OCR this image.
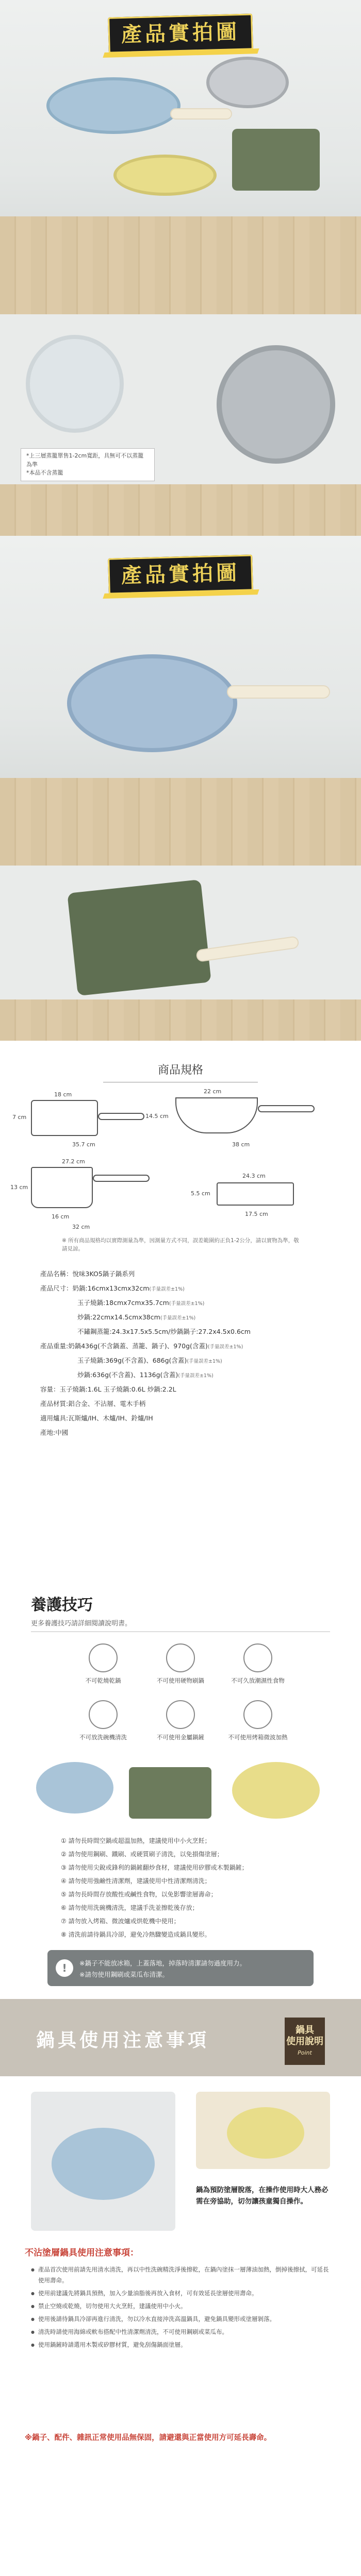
產品實拍圖
*上三層蒸籠單售1-2cm寬距，具無可不以蒸籠為準
*本品不含蒸籠
產品實拍圖
商品規格
18 cm
7 cm
35.7 cm
22 cm
14.5 cm
38 cm
27.2 cm
13 cm
16 cm
32 cm
24.3 cm
5.5 cm
17.5 cm
※ 所有商品規格均以實際測量為準，因測量方式不同，誤差範圍約正負1-2公分，請以實物為準，敬請見諒。
產品名稱：悅味3KO5鍋子鍋系列
產品尺寸：奶鍋:16cmx13cmx32cm(手量誤差±1%)
玉子燒鍋:18cmx7cmx35.7cm(手量誤差±1%)
炒鍋:22cmx14.5cmx38cm(手量誤差±1%)
不鏽鋼蒸籠:24.3x17.5x5.5cm/炒鍋鍋子:27.2x4.5x0.6cm
產品重量:奶鍋436g(不含鍋蓋、蒸籠、鍋子)、970g(含蓋)(手量誤差±1%)
玉子燒鍋:369g(不含蓋)、686g(含蓋)(手量誤差±1%)
炒鍋:636g(不含蓋)、1136g(含蓋)(手量誤差±1%)
容量：玉子燒鍋:1.6L 玉子燒鍋:0.6L 炒鍋:2.2L
產品材質:鋁合金、不沾層、電木手柄
適用爐具:瓦斯爐/IH、木爐/IH、鈴爐/IH
產地:中國
養護技巧
更多養護技巧請詳細閱讀說明書。
不可乾燒乾鍋	不可使用硬物刷鍋	不可久放潮濕性食物
不可放洗碗機清洗	不可使用金屬鍋鏟	不可使用烤箱微波加熱
① 請勿長時間空鍋或超溫加熱，建議使用中小火烹飪；
② 請勿使用鋼刷、鐵刷、或硬質刷子清洗，以免損傷塗層；
③ 請勿使用尖銳或鋒利的鍋鏟翻炒食材，建議使用矽膠或木製鍋鏟；
④ 請勿使用強鹼性清潔劑，建議使用中性清潔劑清洗；
⑤ 請勿長時間存放酸性或鹹性食物，以免影響塗層壽命；
⑥ 請勿使用洗碗機清洗，建議手洗並擦乾後存放；
⑦ 請勿放入烤箱、微波爐或烘乾機中使用；
⑧ 清洗前請待鍋具冷卻，避免冷熱驟變造成鍋具變形。
!	※鍋子不能放冰箱，上蓋落地，掉落時清潔請勿過度用力。
※請勿使用鋼刷或菜瓜布清潔。
鍋具使用注意事項	鍋具
使用說明
Point
鍋為預防塗層脫落，在操作使用時大人務必需在旁協助，切勿讓孩童獨自操作。
不沾塗層鍋具使用注意事項：
● 產品首次使用前請先用清水清洗，再以中性洗碗精洗淨後擦乾，在鍋內塗抹一層薄油加熱，倒掉後擦拭，可延長使用壽命。
● 使用前建議先將鍋具預熱，加入少量油脂後再放入食材，可有效延長塗層使用壽命。
● 禁止空燒或乾燒，切勿使用大火烹飪，建議使用中小火。
● 使用後請待鍋具冷卻再進行清洗，勿以冷水直接沖洗高溫鍋具，避免鍋具變形或塗層剝落。
● 清洗時請使用海綿或軟布搭配中性清潔劑清洗，不可使用鋼刷或菜瓜布。
● 使用鍋鏟時請選用木製或矽膠材質，避免刮傷鍋面塗層。
※鍋子、配件、雜訊正常使用品無保固，請避還與正當使用方可延長壽命。
